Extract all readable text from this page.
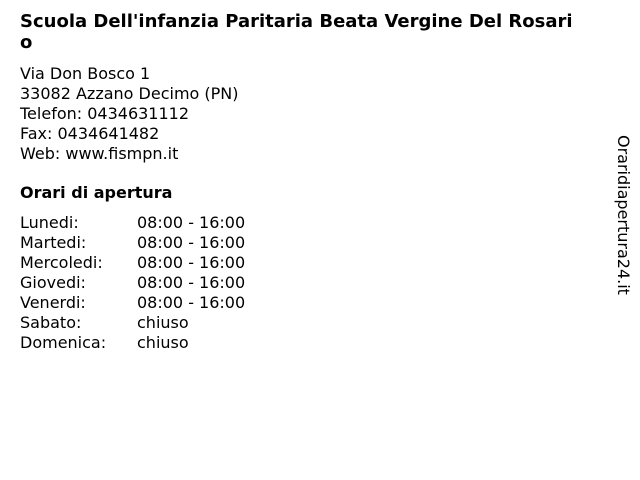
Scuola Dell'infanzia Paritaria Beata Vergine Del Rosario
Via Don Bosco 1
33082 Azzano Decimo (PN)
Telefon: 0434631112
Fax: 0434641482
Web: www.fismpn.it
Orari di apertura
Lunedi:	08:00 - 16:00
Martedi:	08:00 - 16:00
Mercoledi:	08:00 - 16:00
Giovedi:	08:00 - 16:00
Venerdi:	08:00 - 16:00
Sabato:	chiuso
Domenica:	chiuso
Oraridiapertura24.it
